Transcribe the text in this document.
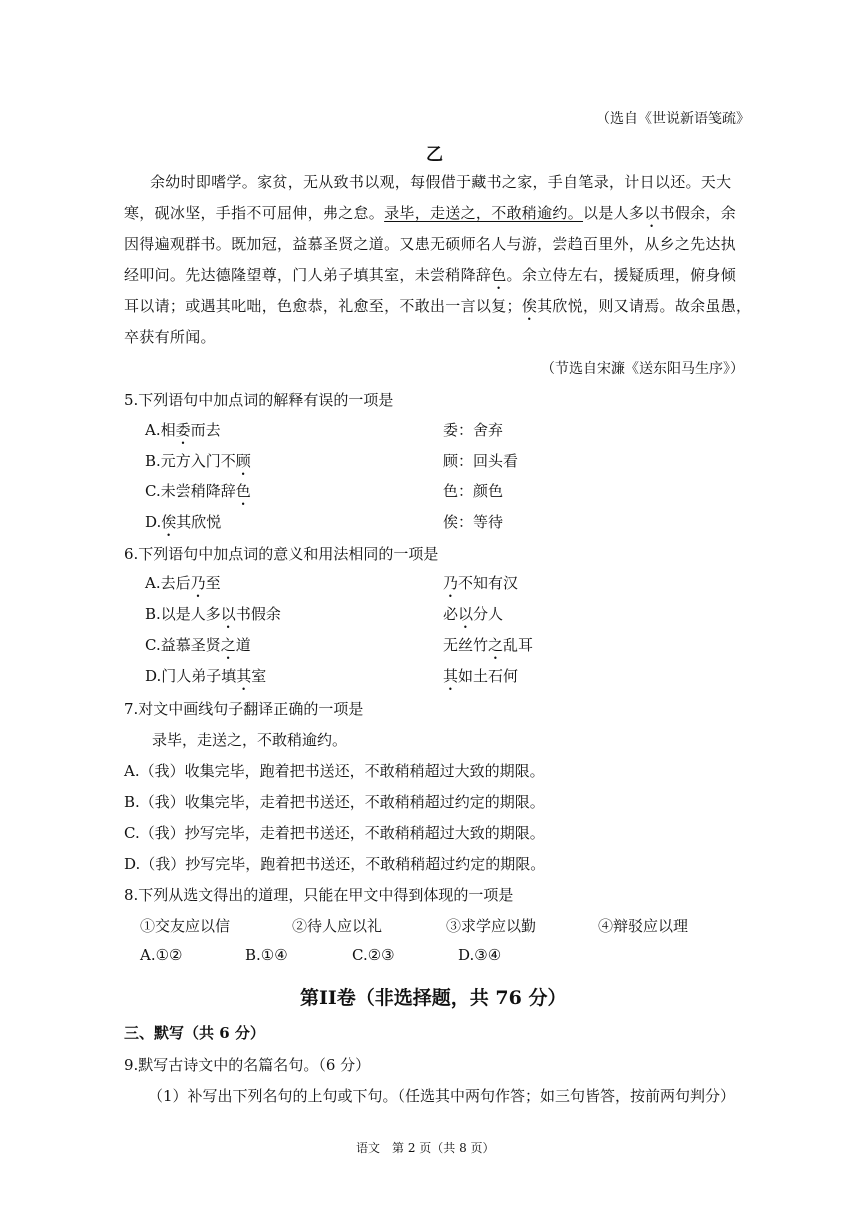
（选自《世说新语笺疏》
乙
余幼时即嗜学。家贫，无从致书以观，每假借于藏书之家，手自笔录，计日以还。天大
寒，砚冰坚，手指不可屈伸，弗之怠。录毕，走送之，不敢稍逾约。以是人多以书假余，余
因得遍观群书。既加冠，益慕圣贤之道。又患无硕师名人与游，尝趋百里外，从乡之先达执
经叩问。先达德隆望尊，门人弟子填其室，未尝稍降辞色。余立侍左右，援疑质理，俯身倾
耳以请；或遇其叱咄，色愈恭，礼愈至，不敢出一言以复；俟其欣悦，则又请焉。故余虽愚，
卒获有所闻。
（节选自宋濂《送东阳马生序》）
5.下列语句中加点词的解释有误的一项是
A.相委而去	委：舍弃
B.元方入门不顾	顾：回头看
C.未尝稍降辞色	色：颜色
D.俟其欣悦	俟：等待
6.下列语句中加点词的意义和用法相同的一项是
A.去后乃至	乃不知有汉
B.以是人多以书假余	必以分人
C.益慕圣贤之道	无丝竹之乱耳
D.门人弟子填其室	其如土石何
7.对文中画线句子翻译正确的一项是
录毕，走送之，不敢稍逾约。
A.（我）收集完毕，跑着把书送还，不敢稍稍超过大致的期限。
B.（我）收集完毕，走着把书送还，不敢稍稍超过约定的期限。
C.（我）抄写完毕，走着把书送还，不敢稍稍超过大致的期限。
D.（我）抄写完毕，跑着把书送还，不敢稍稍超过约定的期限。
8.下列从选文得出的道理，只能在甲文中得到体现的一项是
①交友应以信	②待人应以礼	③求学应以勤	④辩驳应以理
A.①②	B.①④	C.②③	D.③④
第II卷（非选择题，共 76 分）
三、默写（共 6 分）
9.默写古诗文中的名篇名句。（6 分）
（1）补写出下列名句的上句或下句。（任选其中两句作答；如三句皆答，按前两句判分）
语文　第 2 页（共 8 页）
